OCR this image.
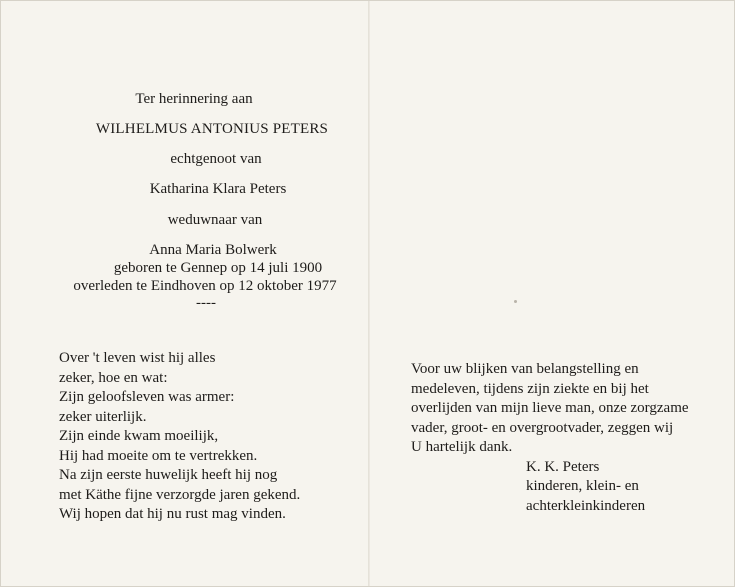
Ter herinnering aan
WILHELMUS ANTONIUS PETERS
echtgenoot van
Katharina Klara Peters
weduwnaar van
Anna Maria Bolwerk
geboren te Gennep op 14 juli 1900
overleden te Eindhoven op 12 oktober 1977
----
Over 't leven wist hij alles
zeker, hoe en wat:
Zijn geloofsleven was armer:
zeker uiterlijk.
Zijn einde kwam moeilijk,
Hij had moeite om te vertrekken.
Na zijn eerste huwelijk heeft hij nog
met Käthe fijne verzorgde jaren gekend.
Wij hopen dat hij nu rust mag vinden.
Voor uw blijken van belangstelling en
medeleven, tijdens zijn ziekte en bij het
overlijden van mijn lieve man, onze zorgzame
vader, groot- en overgrootvader, zeggen wij
U hartelijk dank.
K. K. Peters
kinderen, klein- en
achterkleinkinderen
